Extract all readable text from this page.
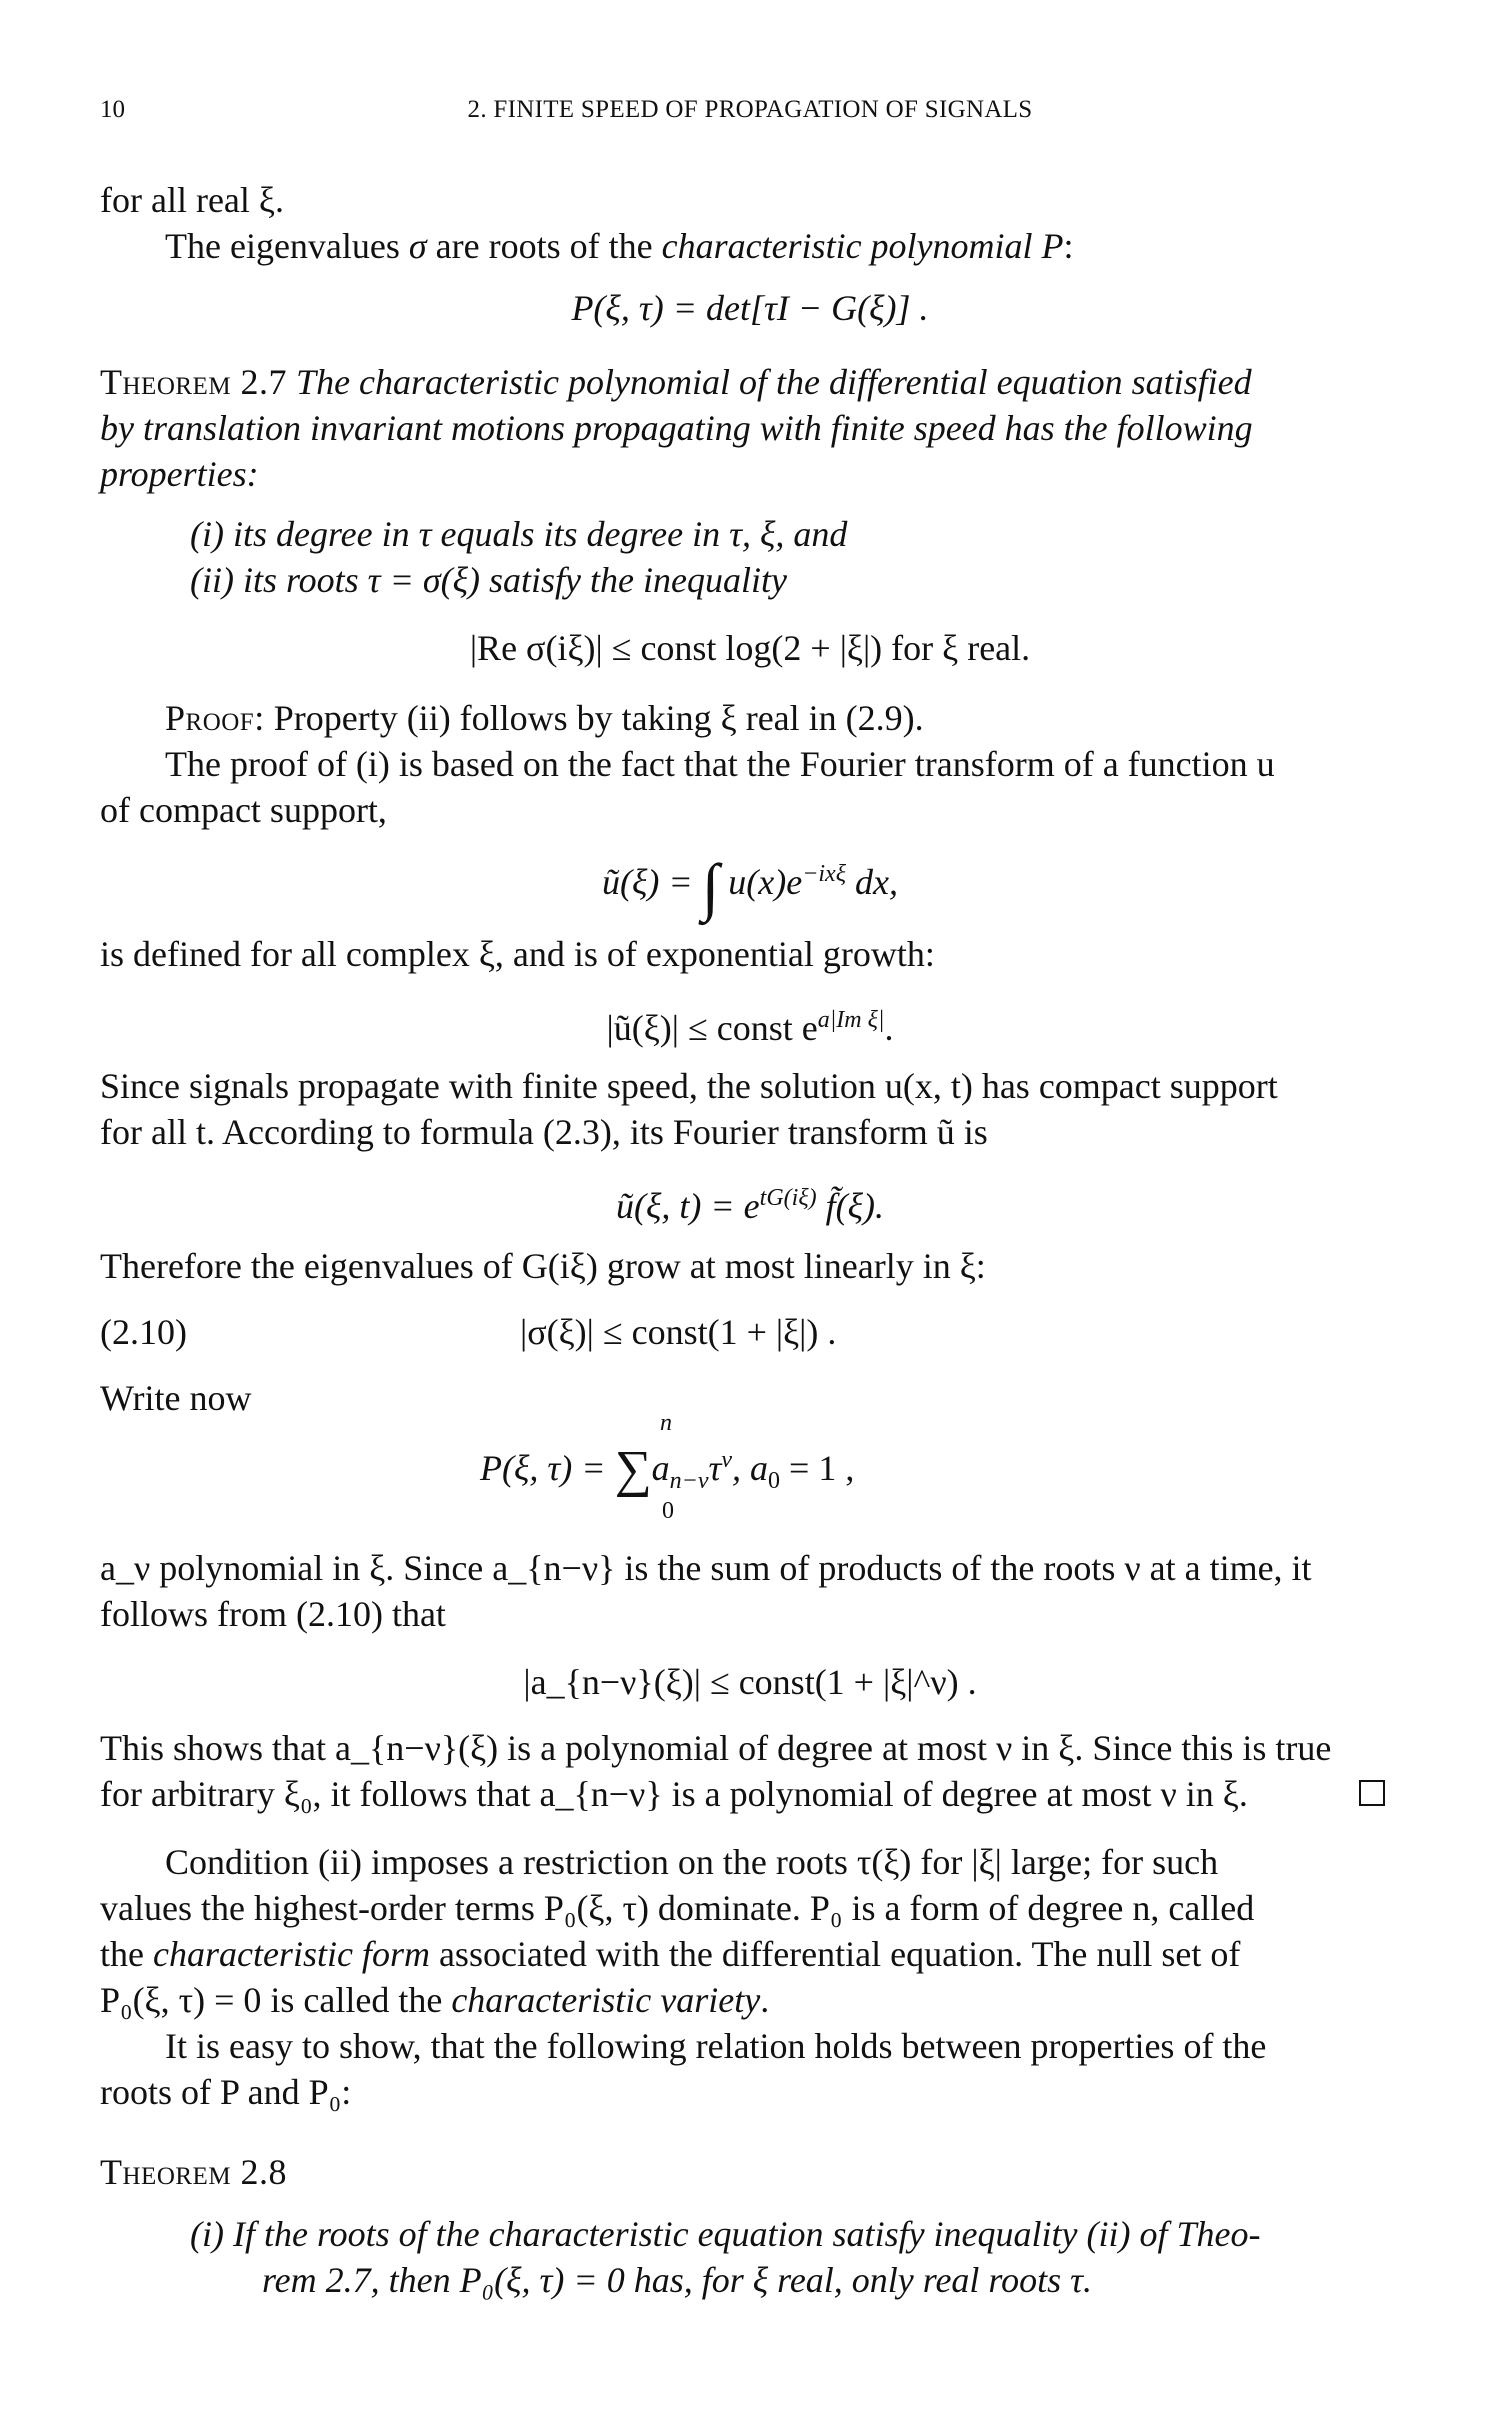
10	2. FINITE SPEED OF PROPAGATION OF SIGNALS
for all real ξ.
The eigenvalues σ are roots of the characteristic polynomial P:
P(ξ, τ) = det[τI − G(ξ)] .
Theorem 2.7 The characteristic polynomial of the differential equation satisfied
by translation invariant motions propagating with finite speed has the following
properties:
(i) its degree in τ equals its degree in τ, ξ, and
(ii) its roots τ = σ(ξ) satisfy the inequality
|Re σ(iξ)| ≤ const log(2 + |ξ|) for ξ real.
Proof: Property (ii) follows by taking ξ real in (2.9).
The proof of (i) is based on the fact that the Fourier transform of a function u
of compact support,
ũ(ξ) = ∫ $u(x)e^{-ix\xi}$ dx,
is defined for all complex ξ, and is of exponential growth:
|ũ(ξ)| ≤ const $e^{a|Im \xi|}$.
Since signals propagate with finite speed, the solution u(x, t) has compact support
for all t. According to formula (2.3), its Fourier transform ũ is
ũ(ξ, $t) = e^{tG(i\xi)}$ f̃(ξ).
Therefore the eigenvalues of G(iξ) grow at most linearly in ξ:
(2.10)	|σ(ξ)| ≤ const(1 + |ξ|) .
Write now
n
P(ξ, $\tau) = \sum a_{n-\nu}\tau^\nu$, $a_0 = 1$ ,
0
a_ν polynomial in ξ. Since a_{n−ν} is the sum of products of the roots ν at a time, it
follows from (2.10) that
|a_{n−ν}(ξ)| ≤ const(1 + |ξ|^ν) .
This shows that a_{n−ν}(ξ) is a polynomial of degree at most ν in ξ. Since this is true
for arbitrary ξ₀, it follows that a_{n−ν} is a polynomial of degree at most ν in ξ.
Condition (ii) imposes a restriction on the roots τ(ξ) for |ξ| large; for such
values the highest-order terms P₀(ξ, τ) dominate. P₀ is a form of degree n, called
the characteristic form associated with the differential equation. The null set of
P₀(ξ, τ) = 0 is called the characteristic variety.
It is easy to show, that the following relation holds between properties of the
roots of P and P₀:
Theorem 2.8
(i) If the roots of the characteristic equation satisfy inequality (ii) of Theo-
rem 2.7, then P₀(ξ, τ) = 0 has, for ξ real, only real roots τ.
